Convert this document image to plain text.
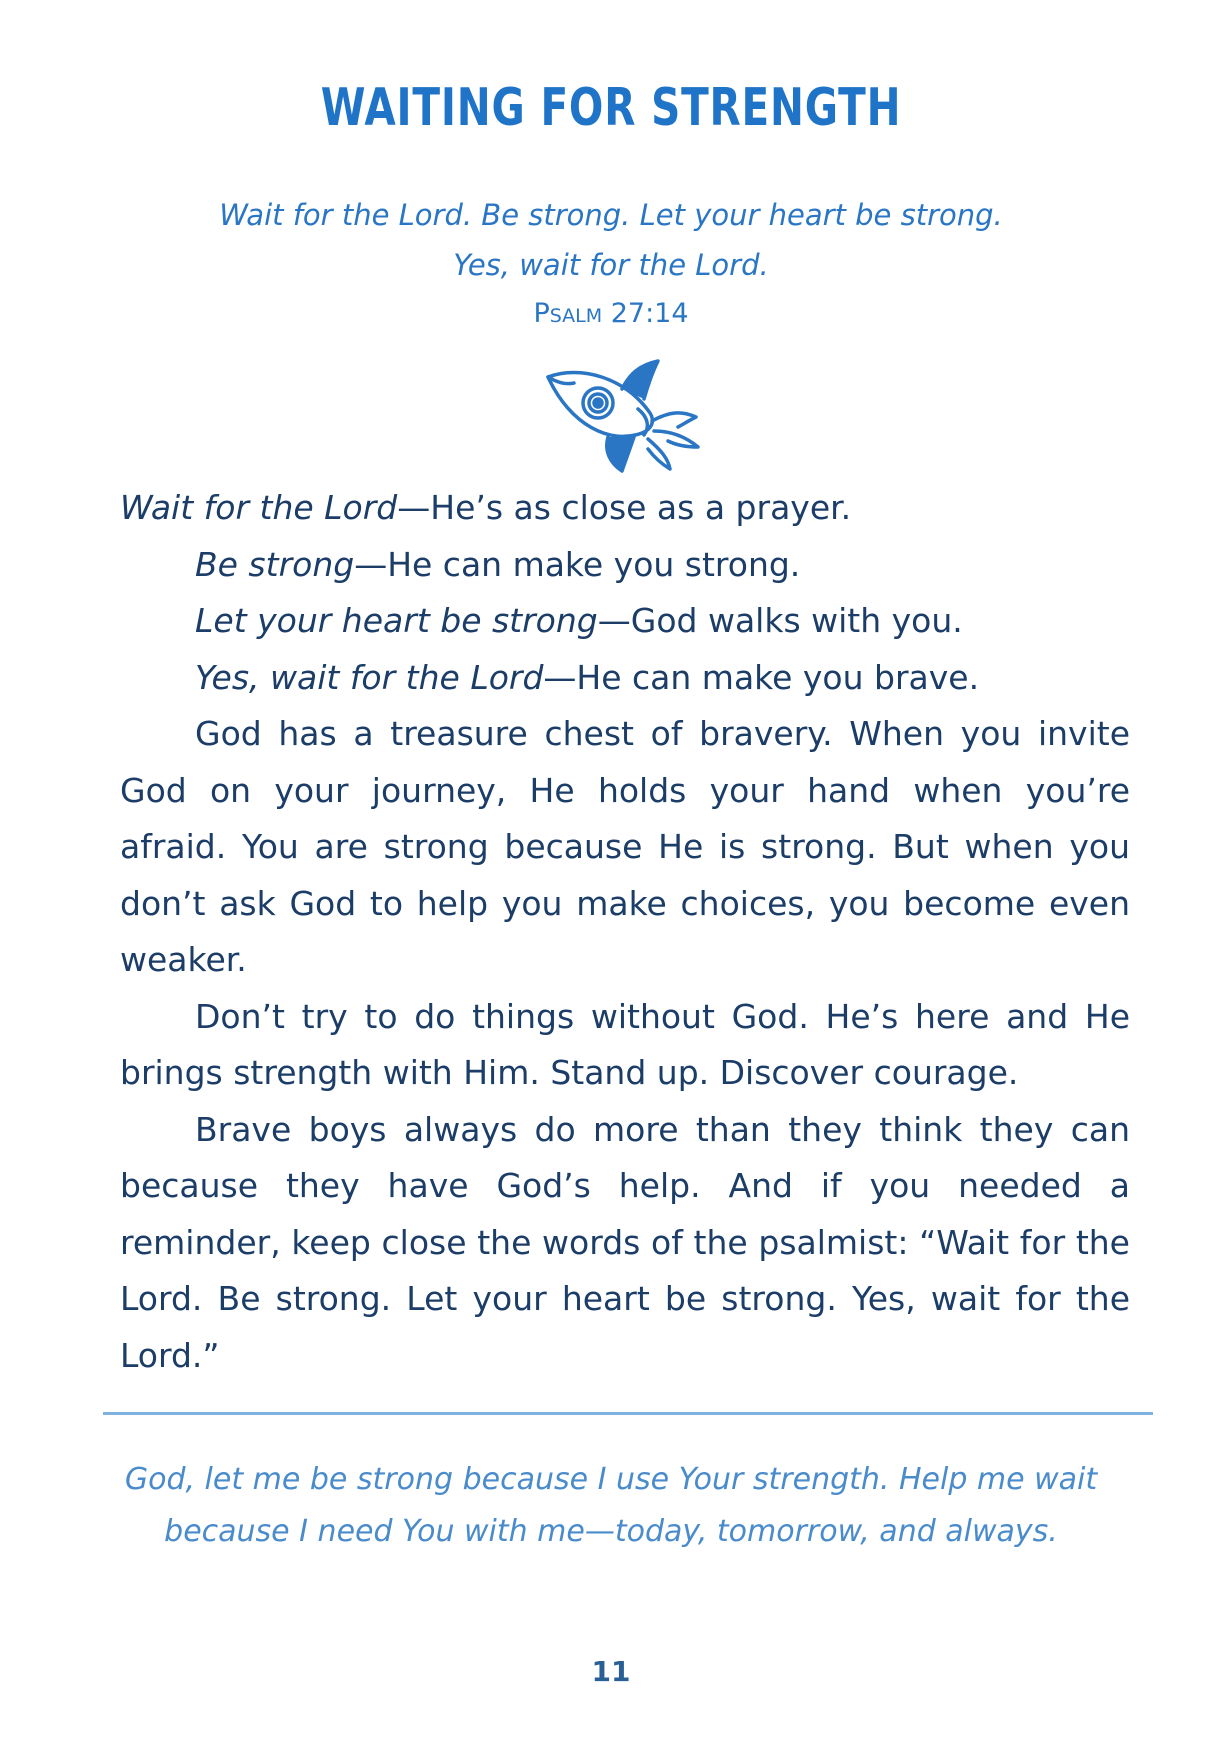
WAITING FOR STRENGTH
Wait for the Lord. Be strong. Let your heart be strong.
Yes, wait for the Lord.
Psalm 27:14

Wait for the Lord—He’s as close as a prayer.

Be strong—He can make you strong.

Let your heart be strong—God walks with you.

Yes, wait for the Lord—He can make you brave.

God has a treasure chest of bravery. When you invite God on your journey, He holds your hand when you’re afraid. You are strong because He is strong. But when you don’t ask God to help you make choices, you become even weaker.

Don’t try to do things without God. He’s here and He brings strength with Him. Stand up. Discover courage.

Brave boys always do more than they think they can because they have God’s help. And if you needed a reminder, keep close the words of the psalmist: “Wait for the Lord. Be strong. Let your heart be strong. Yes, wait for the Lord.”

God, let me be strong because I use Your strength. Help me wait
because I need You with me—today, tomorrow, and always.
11
